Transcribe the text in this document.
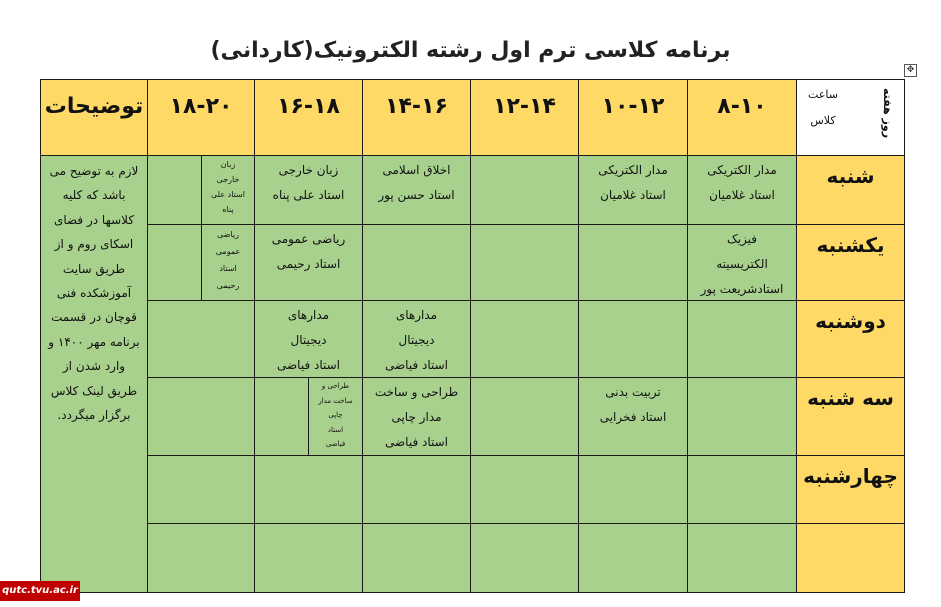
برنامه کلاسی ترم اول رشته الکترونیک(کاردانی)
✥
ساعت
کلاس	روز هفته
۸-۱۰
۱۰-۱۲
۱۲-۱۴
۱۴-۱۶
۱۶-۱۸
۱۸-۲۰
توضیحات
شنبه
یکشنبه
دوشنبه
سه شنبه
چهارشنبه
لازم به توضیح می باشد که کلیه کلاسها در فضای اسکای روم و از طریق سایت آموزشکده فنی قوچان در قسمت برنامه مهر ۱۴۰۰ و وارد شدن از طریق لینک کلاس برگزار میگردد.
مدار الکتریکی
استاد غلامیان
مدار الکتریکی
استاد غلامیان
اخلاق اسلامی
استاد حسن پور
زبان خارجی
استاد علی پناه
زبان
خارجی
استاد علی
پناه
فیزیک
الکتریسیته
استادشریعت پور
ریاضی عمومی
استاد رحیمی
ریاضی
عمومی
استاد
رحیمی
مدارهای
دیجیتال
استاد فیاضی
مدارهای
دیجیتال
استاد فیاضی
تربیت بدنی
استاد فخرایی
طراحی و ساخت
مدار چاپی
استاد فیاضی
طراحی و
ساخت مدار
چاپی
استاد
فیاضی
qutc.tvu.ac.ir
